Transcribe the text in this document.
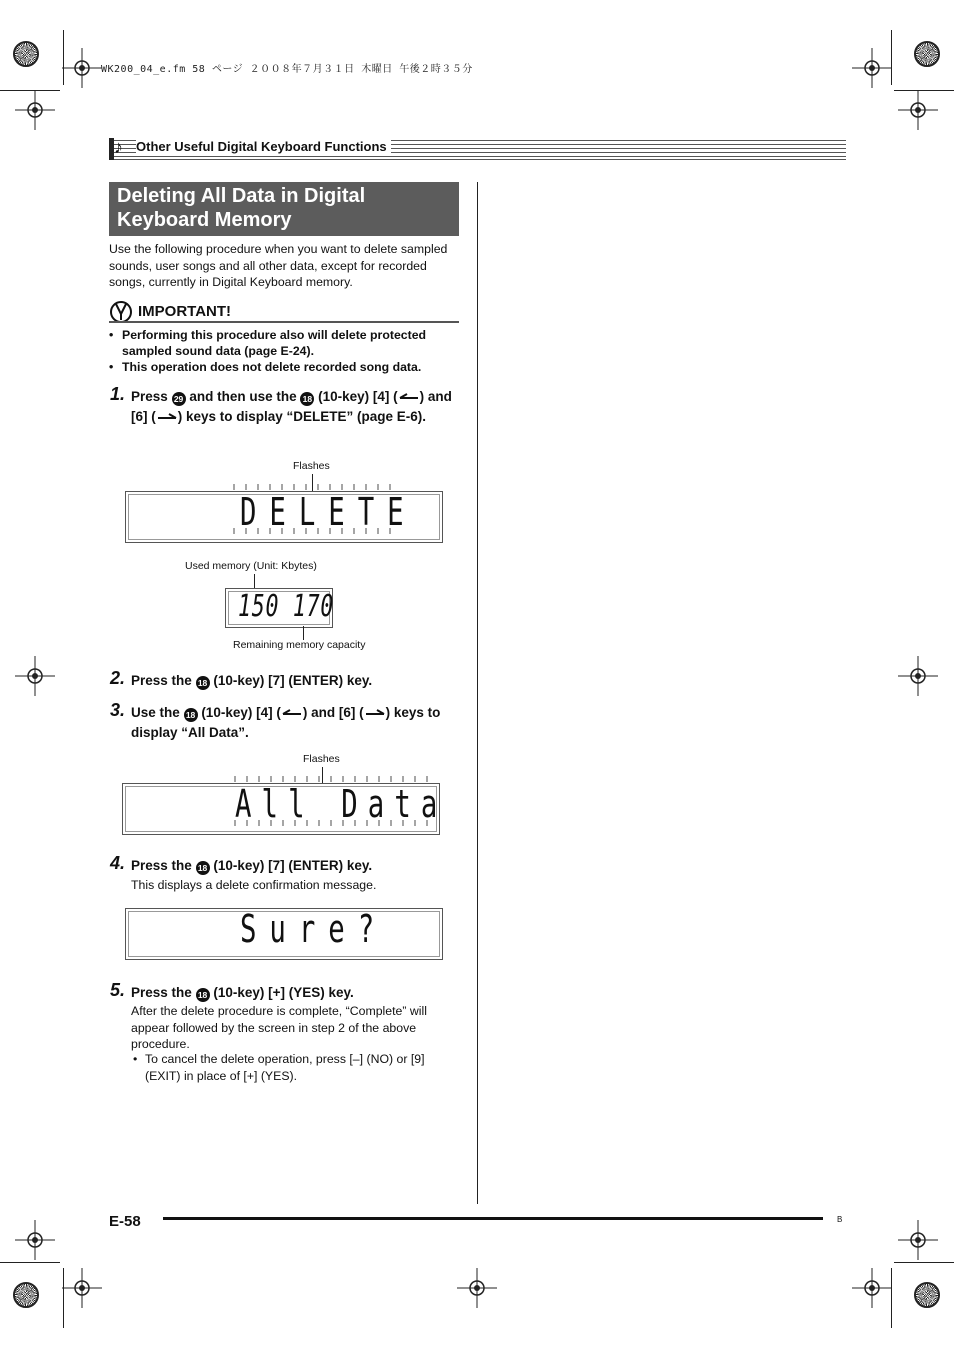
WK200_04_e.fm 58 ページ ２００８年７月３１日 木曜日 午後２時３５分
♪ Other Useful Digital Keyboard Functions
Deleting All Data in Digital Keyboard Memory
Use the following procedure when you want to delete sampled sounds, user songs and all other data, except for recorded songs, currently in Digital Keyboard memory.
IMPORTANT!
• Performing this procedure also will delete protected sampled sound data (page E-24).
• This operation does not delete recorded song data.
1. Press 29 and then use the 18 (10-key) [4] ( ) and [6] ( ) keys to display “DELETE” (page E-6).
Flashes
DELETE
Used memory (Unit: Kbytes)
150 170
Remaining memory capacity
2. Press the 18 (10-key) [7] (ENTER) key.
3. Use the 18 (10-key) [4] ( ) and [6] ( ) keys to display “All Data”.
Flashes
All Data
4. Press the 18 (10-key) [7] (ENTER) key.
This displays a delete confirmation message.
Sure?
5. Press the 18 (10-key) [+] (YES) key.
After the delete procedure is complete, “Complete” will appear followed by the screen in step 2 of the above procedure.
• To cancel the delete operation, press [–] (NO) or [9] (EXIT) in place of [+] (YES).
E-58	B
